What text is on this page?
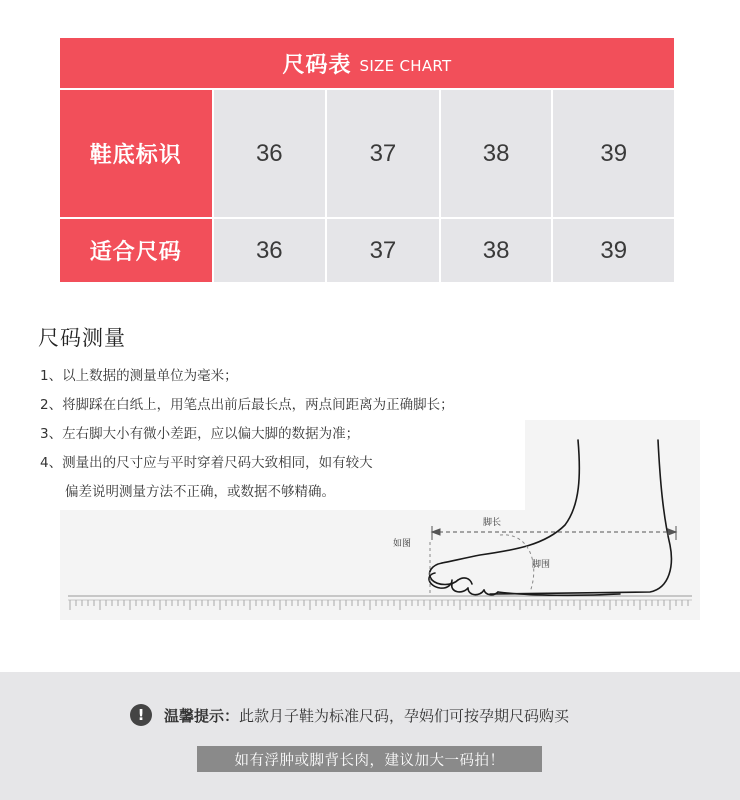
尺码表 SIZE CHART
鞋底标识	36	37	38	39
适合尺码	36	37	38	39
尺码测量
脚长
如图
脚围
1、以上数据的测量单位为毫米；
2、将脚踩在白纸上，用笔点出前后最长点，两点间距离为正确脚长；
3、左右脚大小有微小差距，应以偏大脚的数据为准；
4、测量出的尺寸应与平时穿着尺码大致相同，如有较大
偏差说明测量方法不正确，或数据不够精确。
!	温馨提示： 此款月子鞋为标准尺码，孕妈们可按孕期尺码购买
如有浮肿或脚背长肉，建议加大一码拍！
